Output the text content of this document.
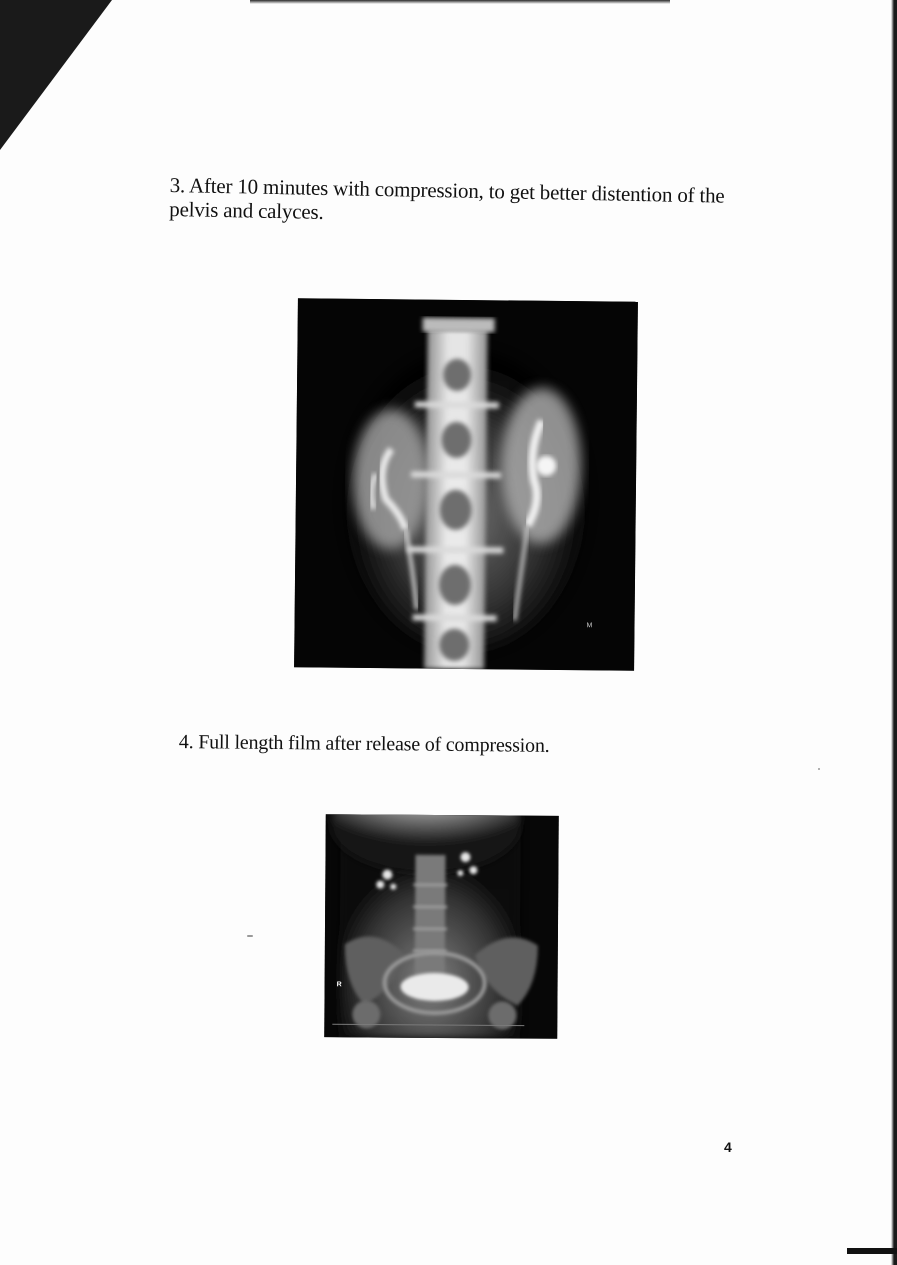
3. After 10 minutes with compression, to get better distention of the pelvis and calyces.
M
4. Full length film after release of compression.
R
4
